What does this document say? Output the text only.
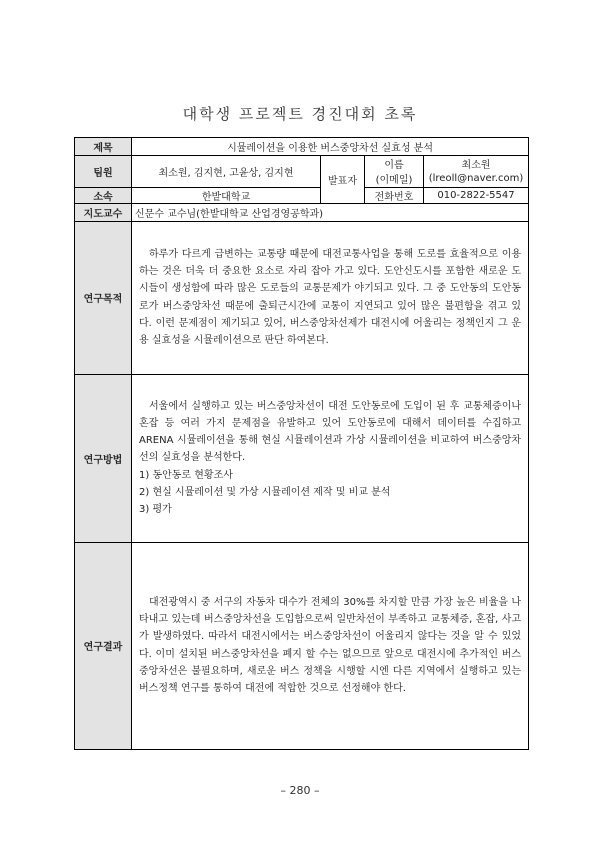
대학생 프로젝트 경진대회 초록
제목	시뮬레이션을 이용한 버스중앙차선 실효성 분석			
팀원	최소원, 김지현, 고윤상, 김지현	발표자	이름	최소원
			(이메일)	(lreoll@naver.com)
소속	한밭대학교		전화번호	010-2822-5547
지도교수	신문수 교수님(한밭대학교 산업경영공학과)			
연구목적	하루가 다르게 급변하는 교통량 때문에 대전교통사업을 통해 도로를 효율적으로 이용하는 것은 더욱 더 중요한 요소로 자리 잡아 가고 있다. 도안신도시를 포함한 새로운 도시들이 생성함에 따라 많은 도로들의 교통문제가 야기되고 있다. 그 중 도안동의 도안동로가 버스중앙차선 때문에 출퇴근시간에 교통이 지연되고 있어 많은 불편함을 겪고 있다. 이런 문제점이 제기되고 있어, 버스중앙차선제가 대전시에 어울리는 정책인지 그 운용 실효성을 시뮬레이션으로 판단 하여본다.			

연구방법	서울에서 실행하고 있는 버스중앙차선이 대전 도안동로에 도입이 된 후 교통체증이나 혼잡 등 여러 가지 문제점을 유발하고 있어 도안동로에 대해서 데이터를 수집하고 ARENA 시뮬레이션을 통해 현실 시뮬레이션과 가상 시뮬레이션을 비교하여 버스중앙차선의 실효성을 분석한다.
1) 동안동로 현황조사
2) 현실 시뮬레이션 및 가상 시뮬레이션 제작 및 비교 분석
3) 평가			

연구결과	대전광역시 중 서구의 자동차 대수가 전체의 30%를 차지할 만큼 가장 높은 비율을 나타내고 있는데 버스중앙차선을 도입함으로써 일반차선이 부족하고 교통체증, 혼잡, 사고가 발생하였다. 따라서 대전시에서는 버스중앙차선이 어울리지 않다는 것을 알 수 있었다. 이미 설치된 버스중앙차선을 폐지 할 수는 없으므로 앞으로 대전시에 추가적인 버스중앙차선은 불필요하며, 새로운 버스 정책을 시행할 시엔 다른 지역에서 실행하고 있는 버스정책 연구를 통하여 대전에 적합한 것으로 선정해야 한다.			
– 280 –
